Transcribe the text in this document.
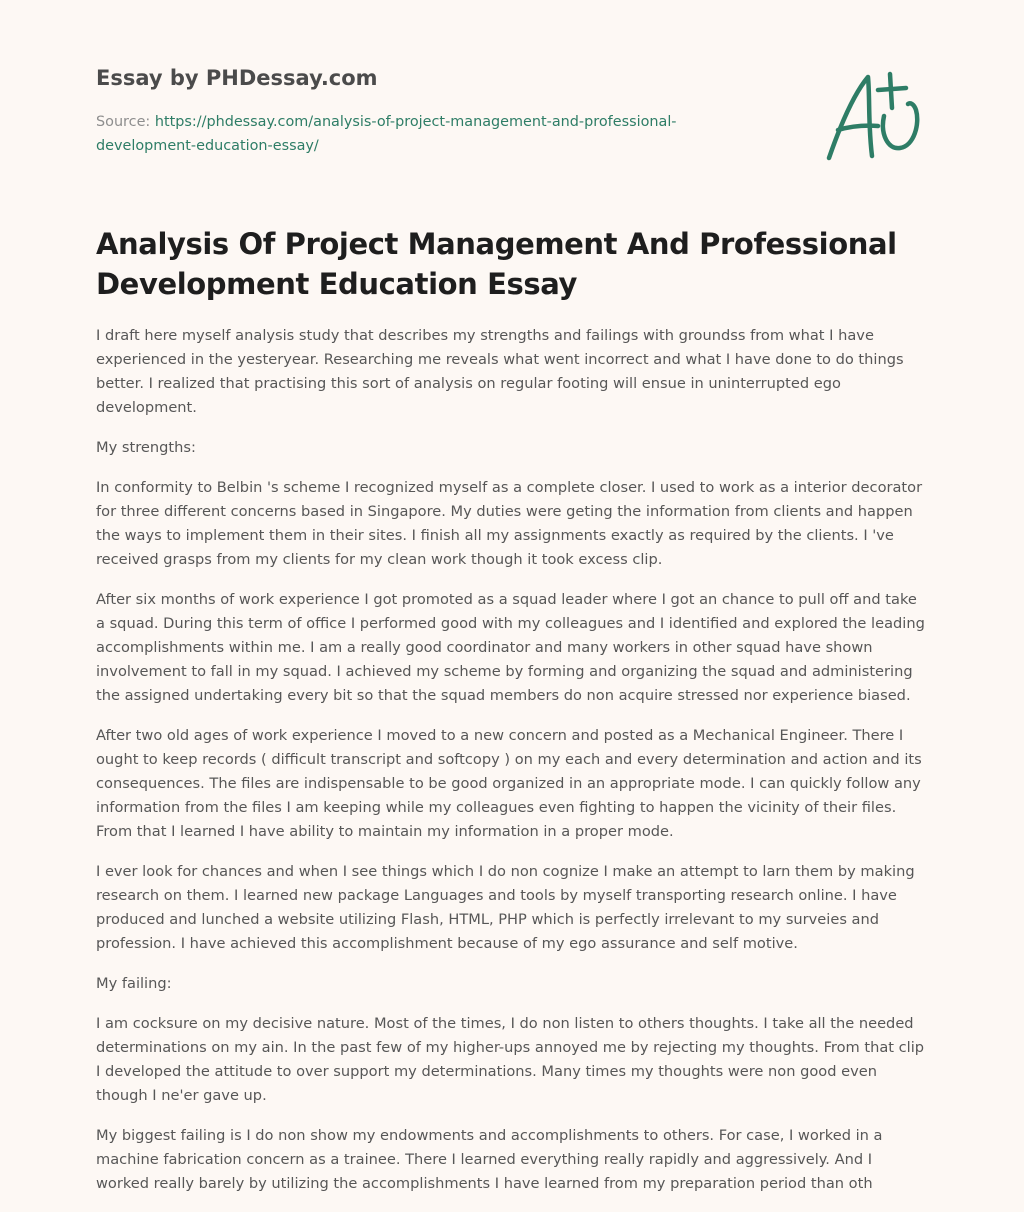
Essay by PHDessay.com
Source: https://phdessay.com/analysis-of-project-management-and-professional-
development-education-essay/
Analysis Of Project Management And Professional Development Education Essay

I draft here myself analysis study that describes my strengths and failings with groundss from what I have experienced in the yesteryear. Researching me reveals what went incorrect and what I have done to do things better. I realized that practising this sort of analysis on regular footing will ensue in uninterrupted ego development.

My strengths:

In conformity to Belbin 's scheme I recognized myself as a complete closer. I used to work as a interior decorator for three different concerns based in Singapore. My duties were geting the information from clients and happen the ways to implement them in their sites. I finish all my assignments exactly as required by the clients. I 've received grasps from my clients for my clean work though it took excess clip.

After six months of work experience I got promoted as a squad leader where I got an chance to pull off and take a squad. During this term of office I performed good with my colleagues and I identified and explored the leading accomplishments within me. I am a really good coordinator and many workers in other squad have shown involvement to fall in my squad. I achieved my scheme by forming and organizing the squad and administering the assigned undertaking every bit so that the squad members do non acquire stressed nor experience biased.

After two old ages of work experience I moved to a new concern and posted as a Mechanical Engineer. There I ought to keep records ( difficult transcript and softcopy ) on my each and every determination and action and its consequences. The files are indispensable to be good organized in an appropriate mode. I can quickly follow any information from the files I am keeping while my colleagues even fighting to happen the vicinity of their files. From that I learned I have ability to maintain my information in a proper mode.

I ever look for chances and when I see things which I do non cognize I make an attempt to larn them by making research on them. I learned new package Languages and tools by myself transporting research online. I have produced and lunched a website utilizing Flash, HTML, PHP which is perfectly irrelevant to my surveies and profession. I have achieved this accomplishment because of my ego assurance and self motive.

My failing:

I am cocksure on my decisive nature. Most of the times, I do non listen to others thoughts. I take all the needed determinations on my ain. In the past few of my higher-ups annoyed me by rejecting my thoughts. From that clip I developed the attitude to over support my determinations. Many times my thoughts were non good even though I ne'er gave up.

My biggest failing is I do non show my endowments and accomplishments to others. For case, I worked in a machine fabrication concern as a trainee. There I learned everything really rapidly and aggressively. And I worked really barely by utilizing the accomplishments I have learned from my preparation period than oth
